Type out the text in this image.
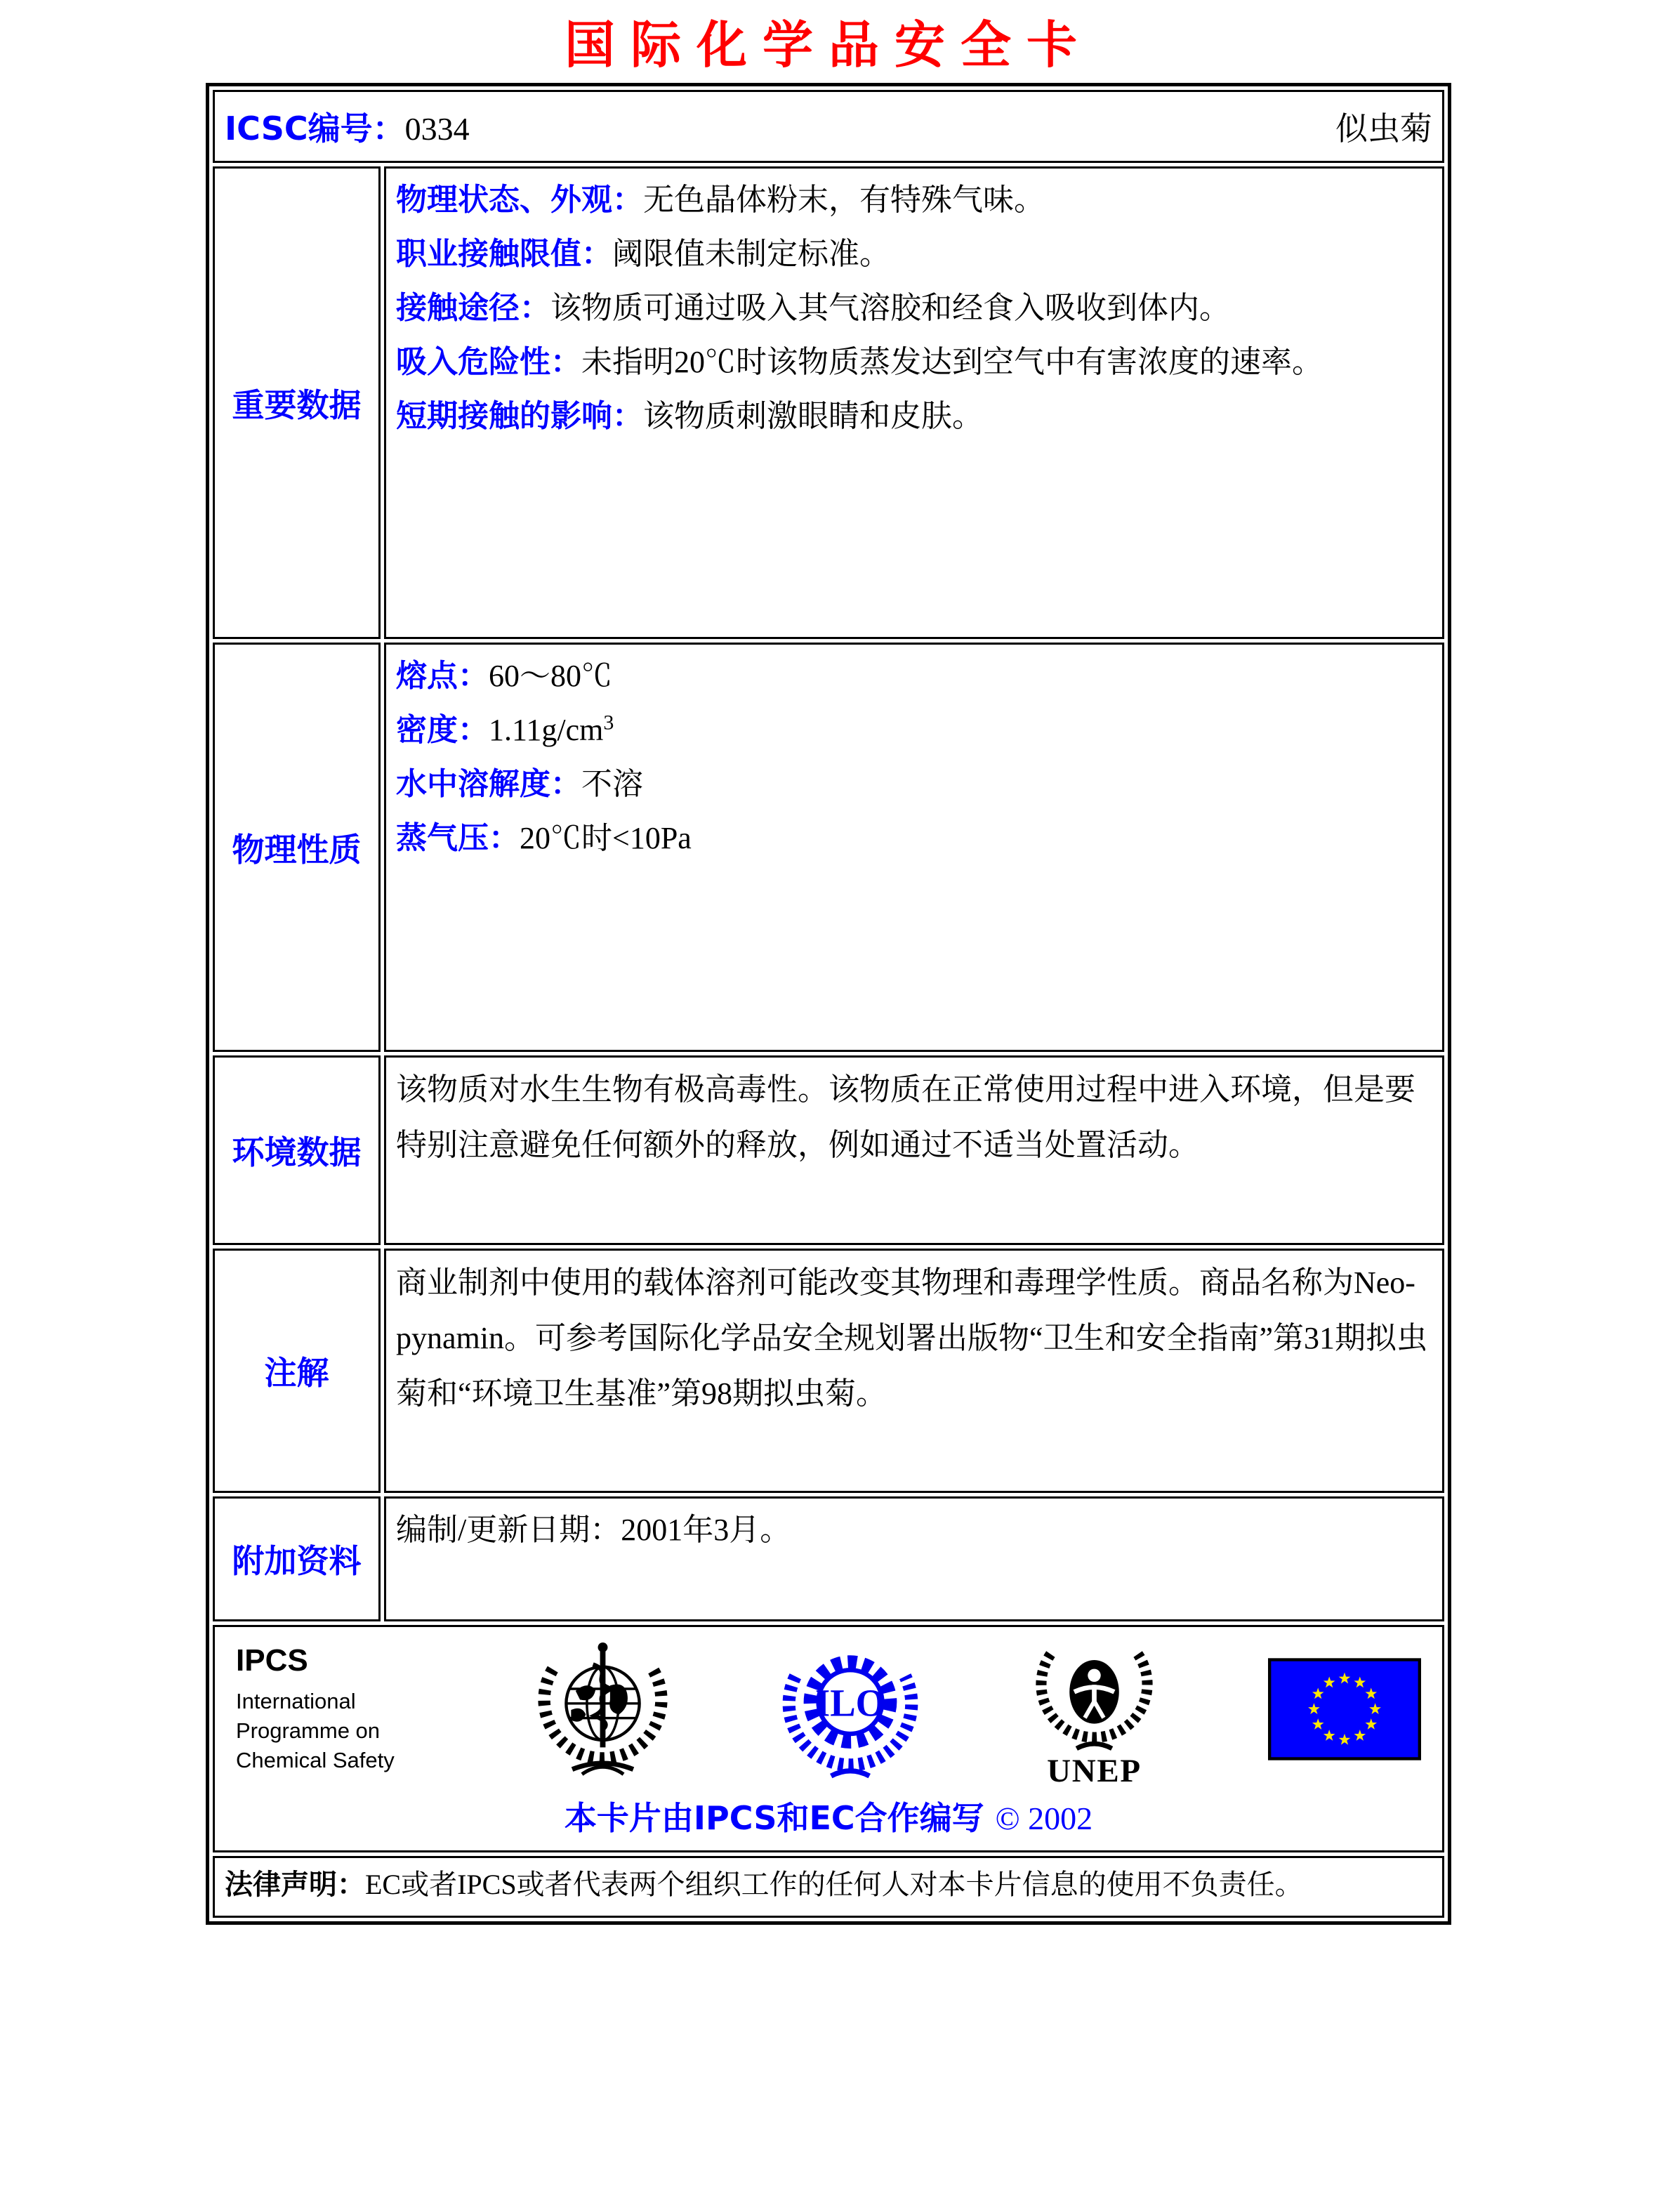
国际化学品安全卡
ICSC编号：0334 似虫菊	

重要数据	物理状态、外观：无色晶体粉末，有特殊气味。
职业接触限值：阈限值未制定标准。
接触途径：该物质可通过吸入其气溶胶和经食入吸收到体内。
吸入危险性：未指明20℃时该物质蒸发达到空气中有害浓度的速率。
短期接触的影响：该物质刺激眼睛和皮肤。

物理性质	熔点：60～80℃
密度：$1.11g/cm^3$
水中溶解度：不溶
蒸气压：20℃时<10Pa

环境数据	该物质对水生生物有极高毒性。该物质在正常使用过程中进入环境，但是要特别注意避免任何额外的释放，例如通过不适当处置活动。

注解	商业制剂中使用的载体溶剂可能改变其物理和毒理学性质。商品名称为Neo-pynamin。可参考国际化学品安全规划署出版物“卫生和安全指南”第31期拟虫菊和“环境卫生基准”第98期拟虫菊。

附加资料	编制/更新日期：2001年3月。

IPCS
International
Programme on
Chemical Safety
ILO
UNEP
本卡片由IPCS和EC合作编写 © 2002

法律声明：EC或者IPCS或者代表两个组织工作的任何人对本卡片信息的使用不负责任。	
